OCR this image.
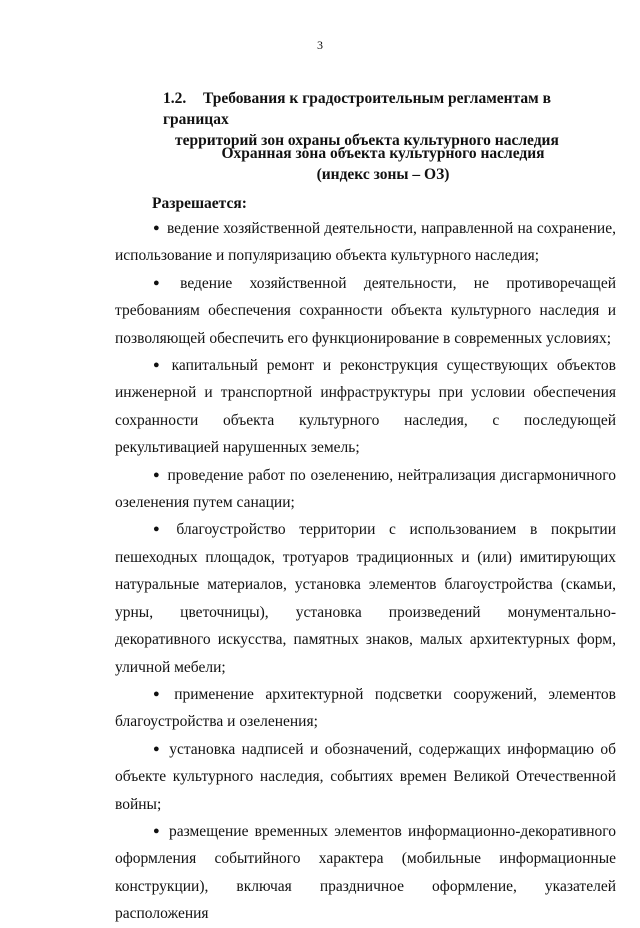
3
1.2. Требования к градостроительным регламентам в границах
территорий зон охраны объекта культурного наследия
Охранная зона объекта культурного наследия
(индекс зоны – ОЗ)
Разрешается:

● ведение хозяйственной деятельности, направленной на сохранение, использование и популяризацию объекта культурного наследия;

● ведение хозяйственной деятельности, не противоречащей требованиям обеспечения сохранности объекта культурного наследия и позволяющей обеспечить его функционирование в современных условиях;

● капитальный ремонт и реконструкция существующих объектов инженерной и транспортной инфраструктуры при условии обеспечения сохранности объекта культурного наследия, с последующей рекультивацией нарушенных земель;

● проведение работ по озеленению, нейтрализация дисгармоничного озеленения путем санации;

● благоустройство территории с использованием в покрытии пешеходных площадок, тротуаров традиционных и (или) имитирующих натуральные материалов, установка элементов благоустройства (скамьи, урны, цветочницы), установка произведений монументально-декоративного искусства, памятных знаков, малых архитектурных форм, уличной мебели;

● применение архитектурной подсветки сооружений, элементов благоустройства и озеленения;

● установка надписей и обозначений, содержащих информацию об объекте культурного наследия, событиях времен Великой Отечественной войны;

● размещение временных элементов информационно-декоративного оформления событийного характера (мобильные информационные конструкции), включая праздничное оформление, указателей расположения
